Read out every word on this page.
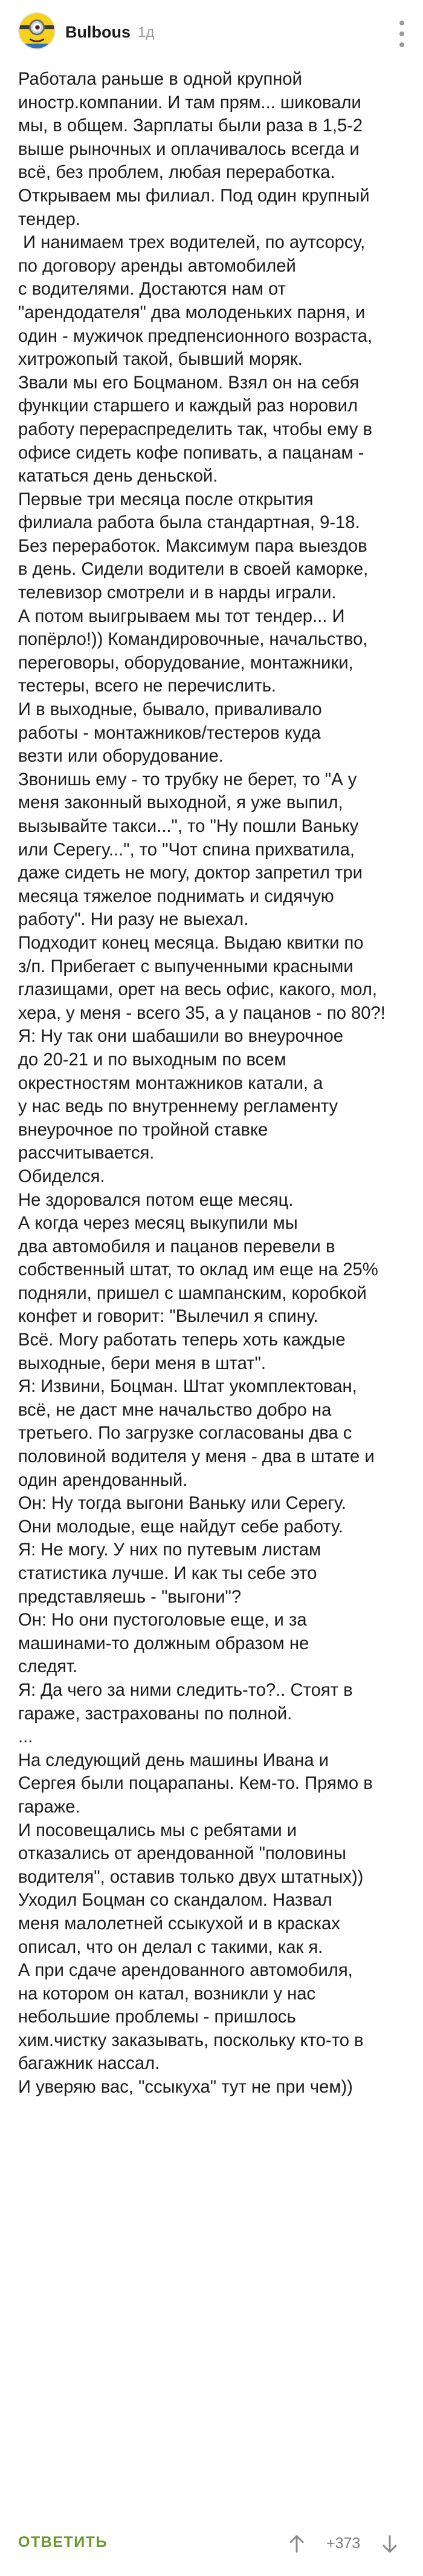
Bulbous 1д

Работала раньше в одной крупной

иностр.компании. И там прям... шиковали

мы, в общем. Зарплаты были раза в 1,5-2

выше рыночных и оплачивалось всегда и

всё, без проблем, любая переработка.

Открываем мы филиал. Под один крупный

тендер.

И нанимаем трех водителей, по аутсорсу,

по договору аренды автомобилей

с водителями. Достаются нам от

"арендодателя" два молоденьких парня, и

один - мужичок предпенсионного возраста,

хитрожопый такой, бывший моряк.

Звали мы его Боцманом. Взял он на себя

функции старшего и каждый раз норовил

работу перераспределить так, чтобы ему в

офисе сидеть кофе попивать, а пацанам -

кататься день деньской.

Первые три месяца после открытия

филиала работа была стандартная, 9-18.

Без переработок. Максимум пара выездов

в день. Сидели водители в своей каморке,

телевизор смотрели и в нарды играли.

А потом выигрываем мы тот тендер... И

попёрло!)) Командировочные, начальство,

переговоры, оборудование, монтажники,

тестеры, всего не перечислить.

И в выходные, бывало, приваливало

работы - монтажников/тестеров куда

везти или оборудование.

Звонишь ему - то трубку не берет, то "А у

меня законный выходной, я уже выпил,

вызывайте такси...", то "Ну пошли Ваньку

или Серегу...", то "Чот спина прихватила,

даже сидеть не могу, доктор запретил три

месяца тяжелое поднимать и сидячую

работу". Ни разу не выехал.

Подходит конец месяца. Выдаю квитки по

з/п. Прибегает с выпученными красными

глазищами, орет на весь офис, какого, мол,

хера, у меня - всего 35, а у пацанов - по 80?!

Я: Ну так они шабашили во внеурочное

до 20-21 и по выходным по всем

окрестностям монтажников катали, а

у нас ведь по внутреннему регламенту

внеурочное по тройной ставке

рассчитывается.

Обиделся.

Не здоровался потом еще месяц.

А когда через месяц выкупили мы

два автомобиля и пацанов перевели в

собственный штат, то оклад им еще на 25%

подняли, пришел с шампанским, коробкой

конфет и говорит: "Вылечил я спину.

Всё. Могу работать теперь хоть каждые

выходные, бери меня в штат".

Я: Извини, Боцман. Штат укомплектован,

всё, не даст мне начальство добро на

третьего. По загрузке согласованы два с

половиной водителя у меня - два в штате и

один арендованный.

Он: Ну тогда выгони Ваньку или Серегу.

Они молодые, еще найдут себе работу.

Я: Не могу. У них по путевым листам

статистика лучше. И как ты себе это

представляешь - "выгони"?

Он: Но они пустоголовые еще, и за

машинами-то должным образом не

следят.

Я: Да чего за ними следить-то?.. Стоят в

гараже, застрахованы по полной.

...

На следующий день машины Ивана и

Сергея были поцарапаны. Кем-то. Прямо в

гараже.

И посовещались мы с ребятами и

отказались от арендованной "половины

водителя", оставив только двух штатных))

Уходил Боцман со скандалом. Назвал

меня малолетней ссыкухой и в красках

описал, что он делал с такими, как я.

А при сдаче арендованного автомобиля,

на котором он катал, возникли у нас

небольшие проблемы - пришлось

хим.чистку заказывать, поскольку кто-то в

багажник нассал.

И уверяю вас, "ссыкуха" тут не при чем))

ОТВЕТИТЬ	+373
